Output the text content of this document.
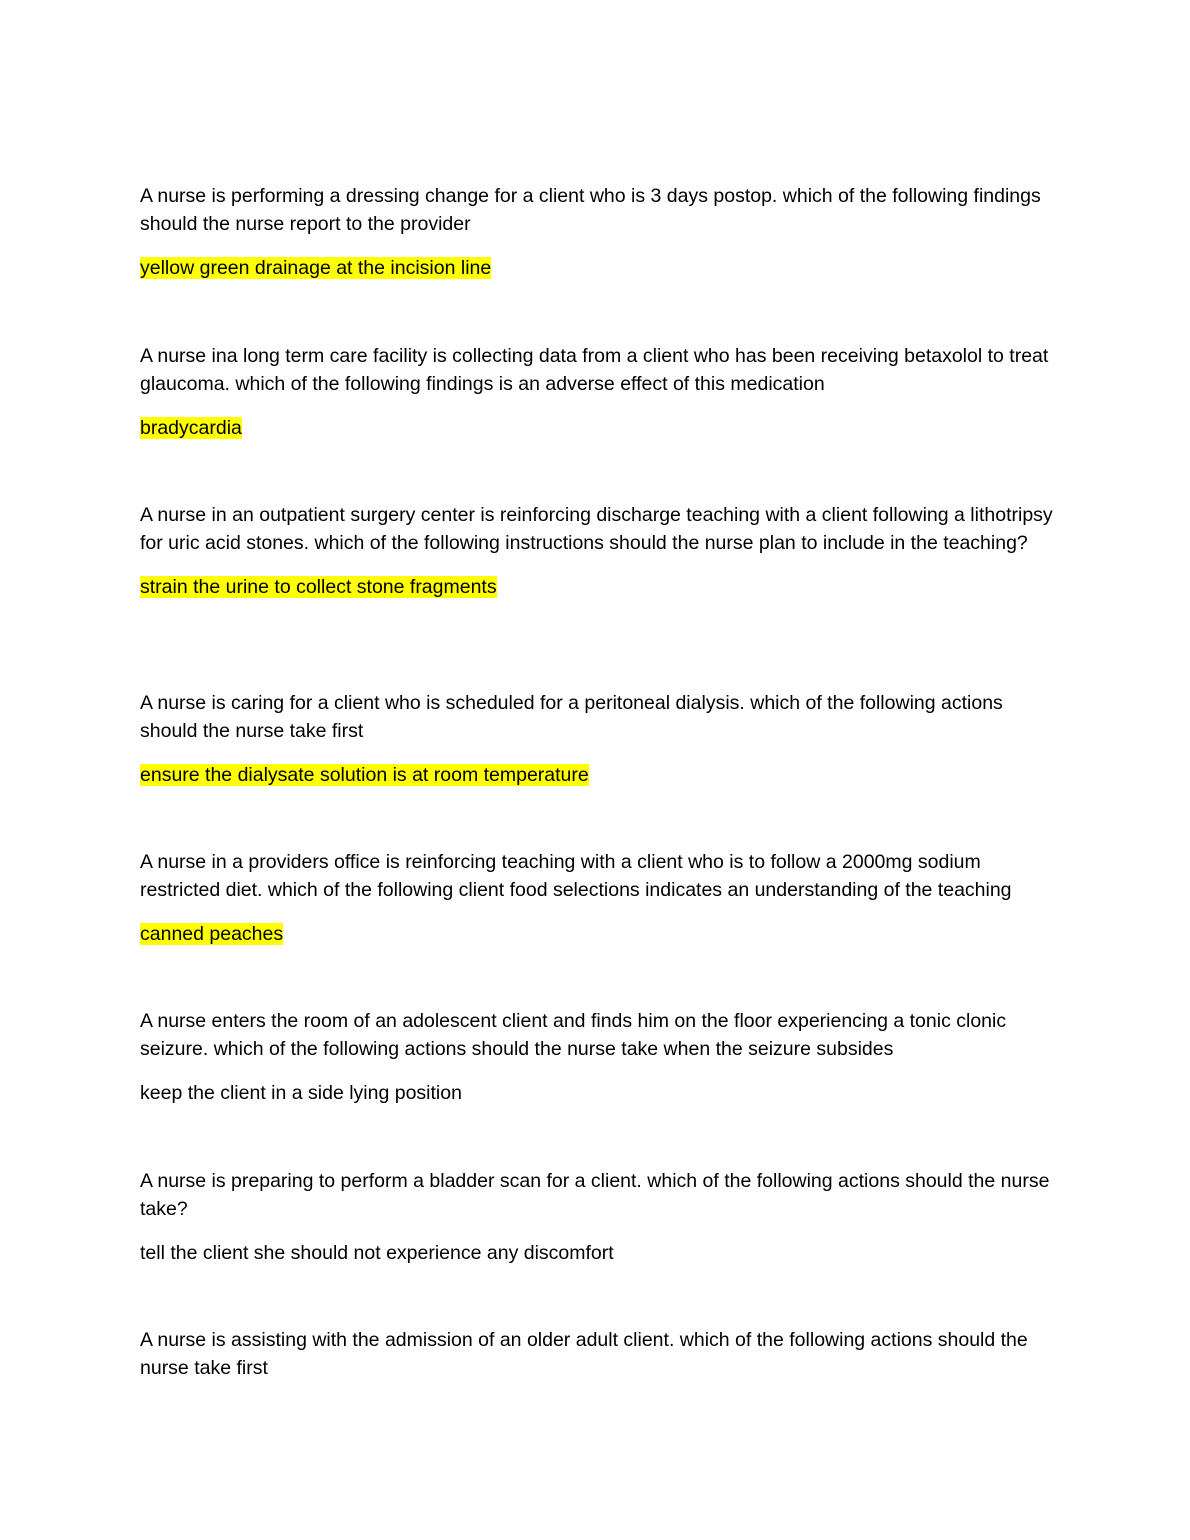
A nurse is performing a dressing change for a client who is 3 days postop. which of the following findings should the nurse report to the provider

yellow green drainage at the incision line

A nurse ina long term care facility is collecting data from a client who has been receiving betaxolol to treat glaucoma. which of the following findings is an adverse effect of this medication

bradycardia

A nurse in an outpatient surgery center is reinforcing discharge teaching with a client following a lithotripsy for uric acid stones. which of the following instructions should the nurse plan to include in the teaching?

strain the urine to collect stone fragments

A nurse is caring for a client who is scheduled for a peritoneal dialysis. which of the following actions should the nurse take first

ensure the dialysate solution is at room temperature

A nurse in a providers office is reinforcing teaching with a client who is to follow a 2000mg sodium restricted diet. which of the following client food selections indicates an understanding of the teaching

canned peaches

A nurse enters the room of an adolescent client and finds him on the floor experiencing a tonic clonic seizure. which of the following actions should the nurse take when the seizure subsides

keep the client in a side lying position

A nurse is preparing to perform a bladder scan for a client. which of the following actions should the nurse take?

tell the client she should not experience any discomfort

A nurse is assisting with the admission of an older adult client. which of the following actions should the nurse take first
